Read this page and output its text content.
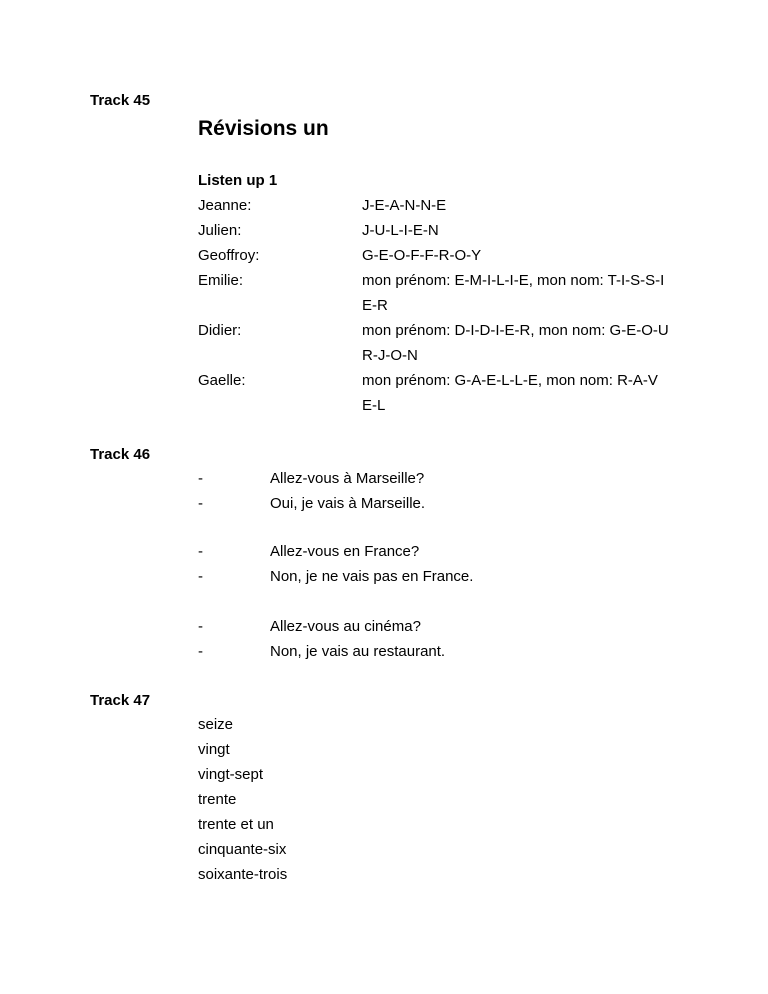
Track 45
Révisions un
Listen up 1
Jeanne:	J-E-A-N-N-E
Julien:	J-U-L-I-E-N
Geoffroy:	G-E-O-F-F-R-O-Y
Emilie:	mon prénom: E-M-I-L-I-E, mon nom: T-I-S-S-I
E-R
Didier:	mon prénom: D-I-D-I-E-R, mon nom: G-E-O-U
R-J-O-N
Gaelle:	mon prénom: G-A-E-L-L-E, mon nom: R-A-V
E-L
Track 46
-	Allez-vous à Marseille?
-	Oui, je vais à Marseille.
-	Allez-vous en France?
-	Non, je ne vais pas en France.
-	Allez-vous au cinéma?
-	Non, je vais au restaurant.
Track 47
seize
vingt
vingt-sept
trente
trente et un
cinquante-six
soixante-trois
